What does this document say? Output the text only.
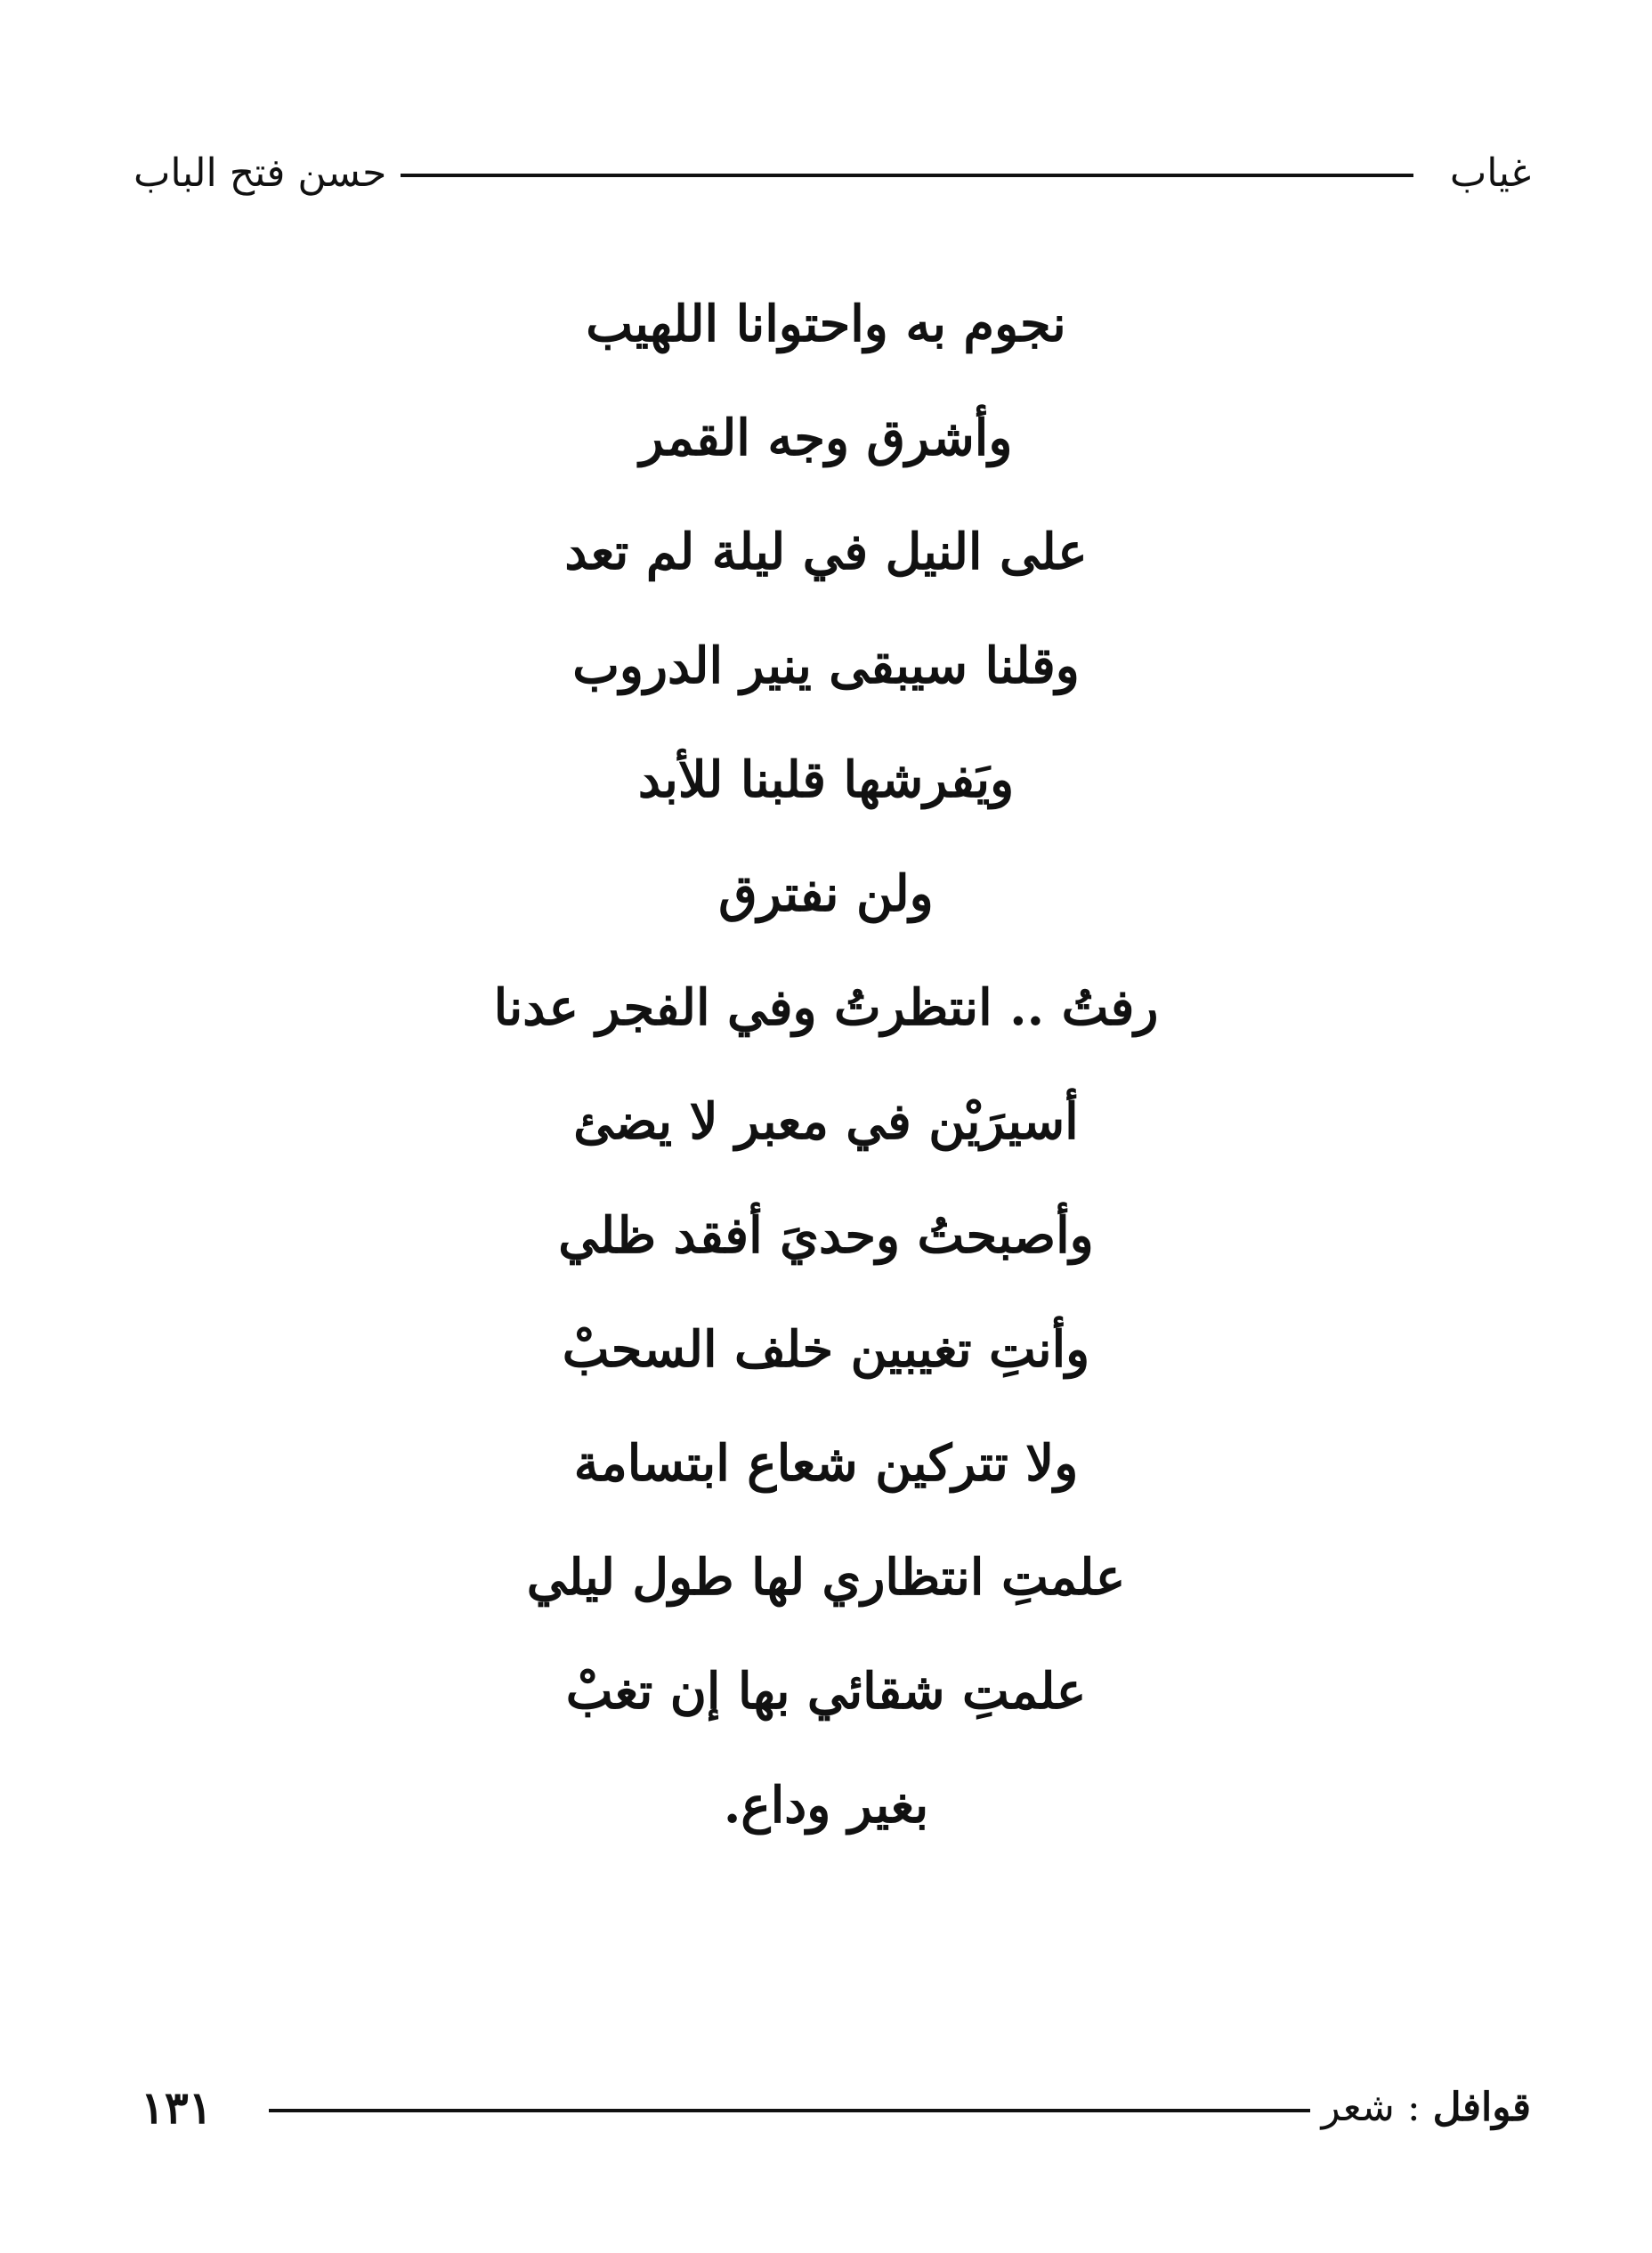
غياب
حسن فتح الباب
نجوم به واحتوانا اللهيب
وأشرق وجه القمر
على النيل في ليلة لم تعد
وقلنا سيبقى ينير الدروب
ويَفرشها قلبنا للأبد
ولن نفترق
رفتُ .. انتظرتُ وفي الفجر عدنا
أسيرَيْن في معبر لا يضئ
وأصبحتُ وحديَ أفقد ظلي
وأنتِ تغيبين خلف السحبْ
ولا تتركين شعاع ابتسامة
علمتِ انتظاري لها طول ليلي
علمتِ شقائي بها إن تغبْ
بغير وداع.
قوافل : شعر
١٣١
